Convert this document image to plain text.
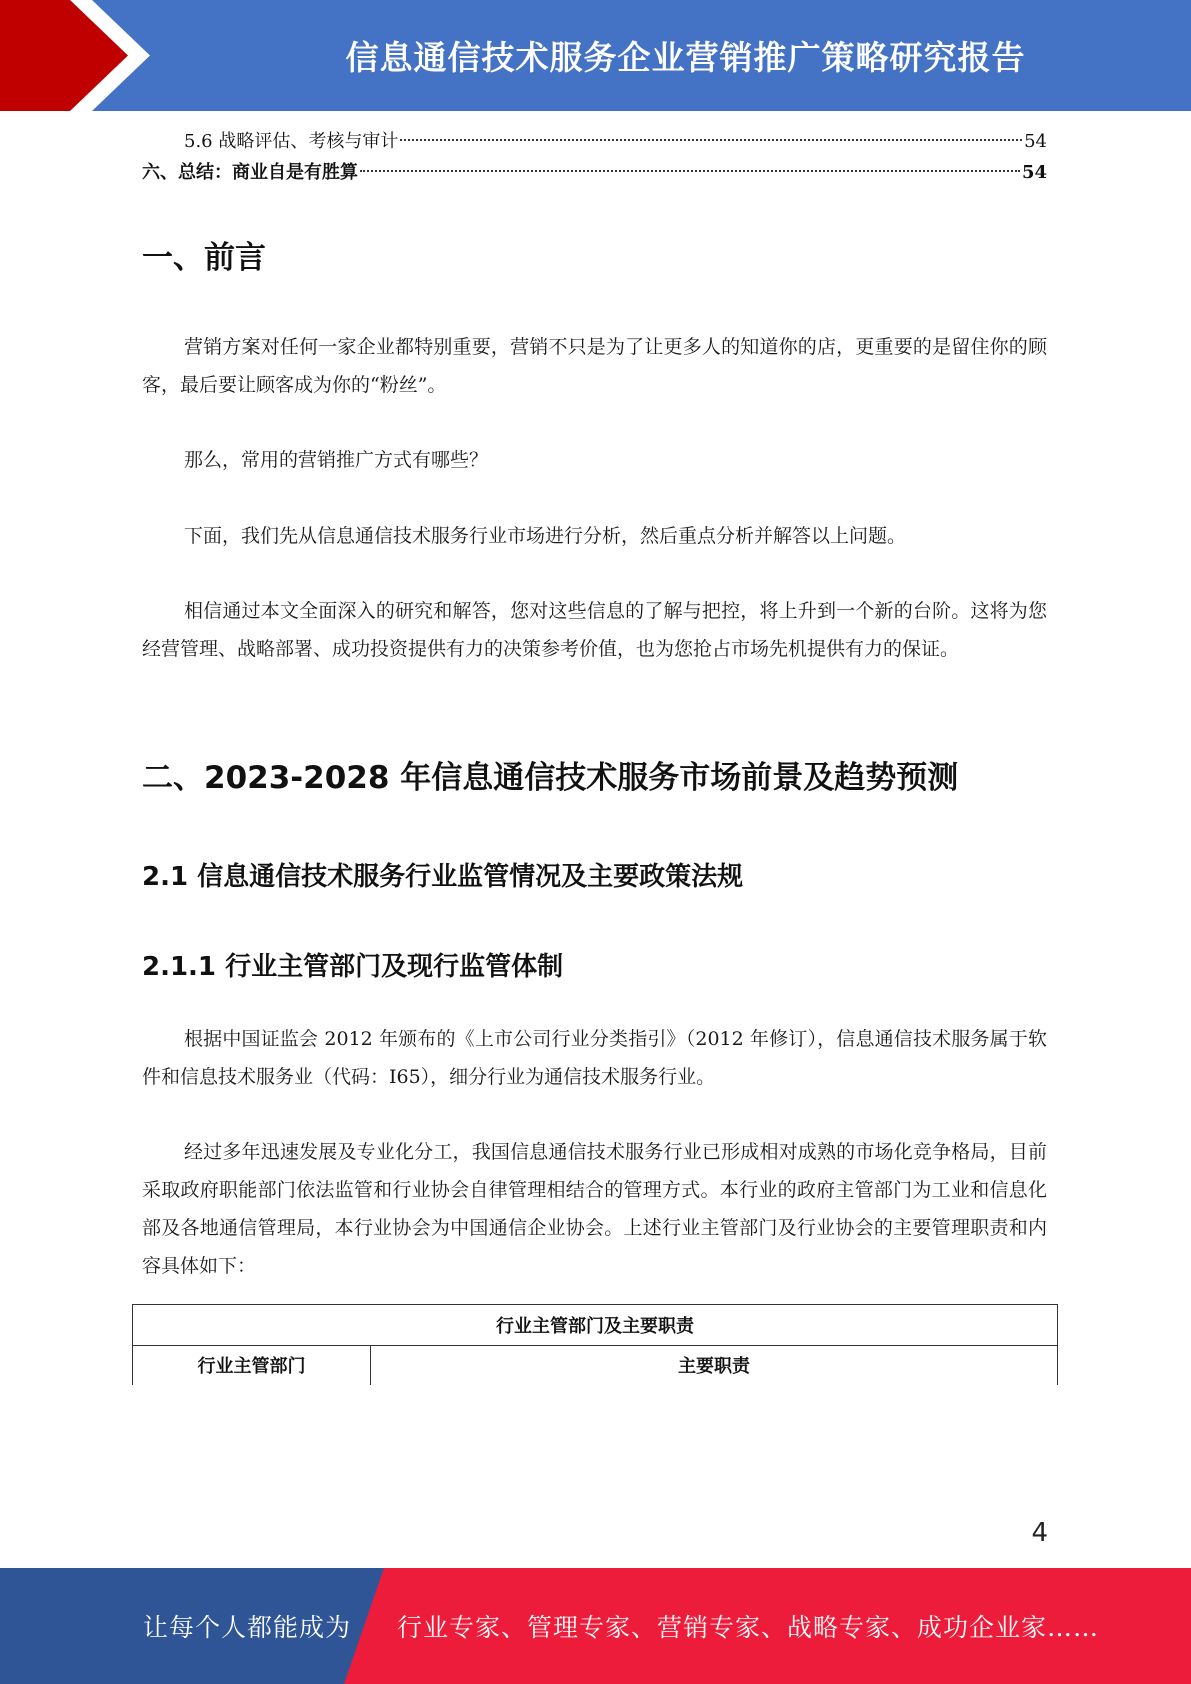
信息通信技术服务企业营销推广策略研究报告
5.6 战略评估、考核与审计	54
六、总结：商业自是有胜算	54
一、前言
营销方案对任何一家企业都特别重要，营销不只是为了让更多人的知道你的店，更重要的是留住你的顾客，最后要让顾客成为你的“粉丝”。
那么，常用的营销推广方式有哪些？
下面，我们先从信息通信技术服务行业市场进行分析，然后重点分析并解答以上问题。
相信通过本文全面深入的研究和解答，您对这些信息的了解与把控，将上升到一个新的台阶。这将为您经营管理、战略部署、成功投资提供有力的决策参考价值，也为您抢占市场先机提供有力的保证。
二、2023-2028 年信息通信技术服务市场前景及趋势预测
2.1 信息通信技术服务行业监管情况及主要政策法规
2.1.1 行业主管部门及现行监管体制
根据中国证监会 2012 年颁布的《上市公司行业分类指引》（2012 年修订），信息通信技术服务属于软件和信息技术服务业（代码：I65），细分行业为通信技术服务行业。
经过多年迅速发展及专业化分工，我国信息通信技术服务行业已形成相对成熟的市场化竞争格局，目前采取政府职能部门依法监管和行业协会自律管理相结合的管理方式。本行业的政府主管部门为工业和信息化部及各地通信管理局，本行业协会为中国通信企业协会。上述行业主管部门及行业协会的主要管理职责和内容具体如下：
行业主管部门及主要职责
行业主管部门	主要职责
4
让每个人都能成为 行业专家、管理专家、营销专家、战略专家、成功企业家……
